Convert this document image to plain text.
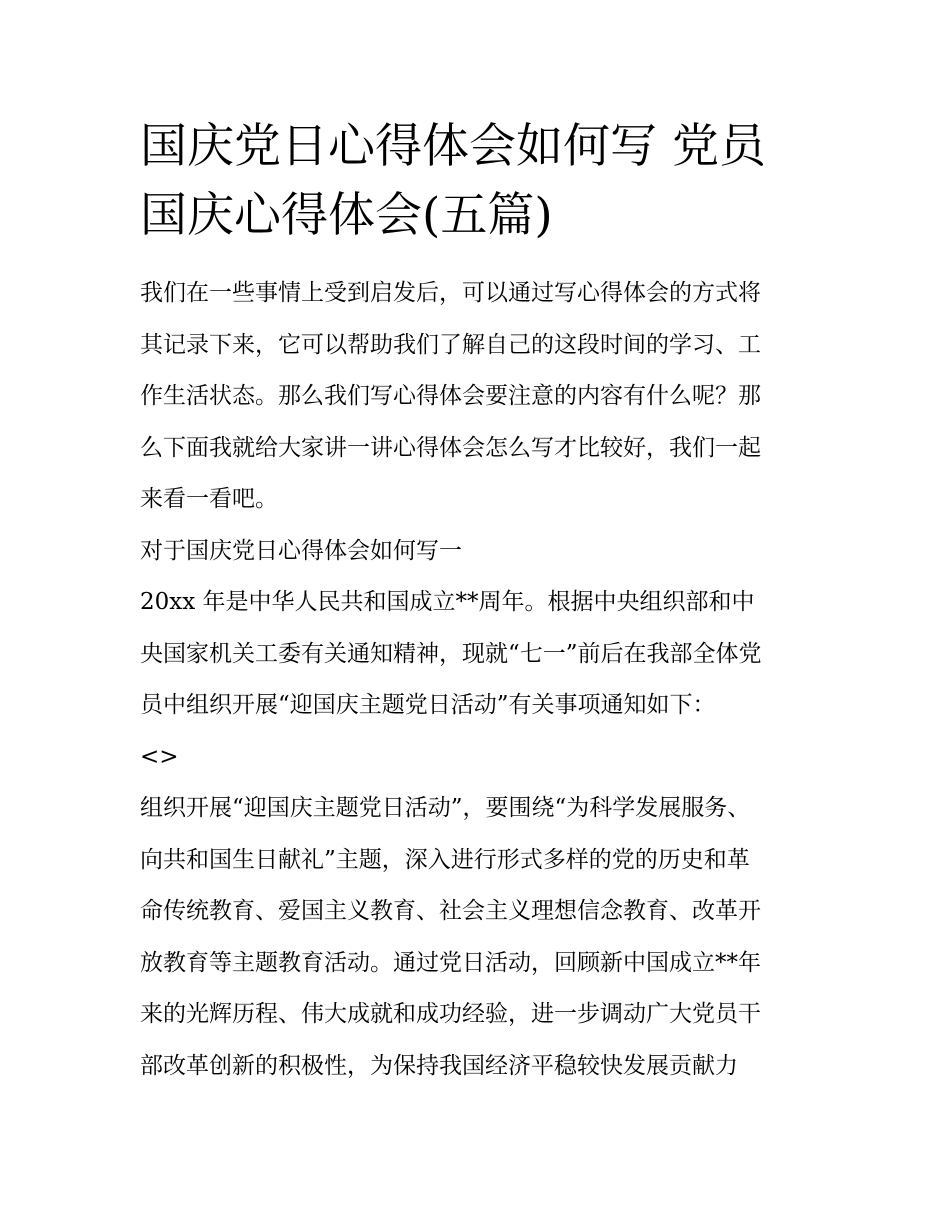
国庆党日心得体会如何写 党员
国庆心得体会(五篇)

我们在一些事情上受到启发后，可以通过写心得体会的方式将
其记录下来，它可以帮助我们了解自己的这段时间的学习、工
作生活状态。那么我们写心得体会要注意的内容有什么呢？那
么下面我就给大家讲一讲心得体会怎么写才比较好，我们一起
来看一看吧。

对于国庆党日心得体会如何写一

20xx 年是中华人民共和国成立**周年。根据中央组织部和中
央国家机关工委有关通知精神，现就“七一”前后在我部全体党
员中组织开展“迎国庆主题党日活动”有关事项通知如下：

<>

组织开展“迎国庆主题党日活动”，要围绕“为科学发展服务、
向共和国生日献礼”主题，深入进行形式多样的党的历史和革
命传统教育、爱国主义教育、社会主义理想信念教育、改革开
放教育等主题教育活动。通过党日活动，回顾新中国成立**年
来的光辉历程、伟大成就和成功经验，进一步调动广大党员干
部改革创新的积极性，为保持我国经济平稳较快发展贡献力
